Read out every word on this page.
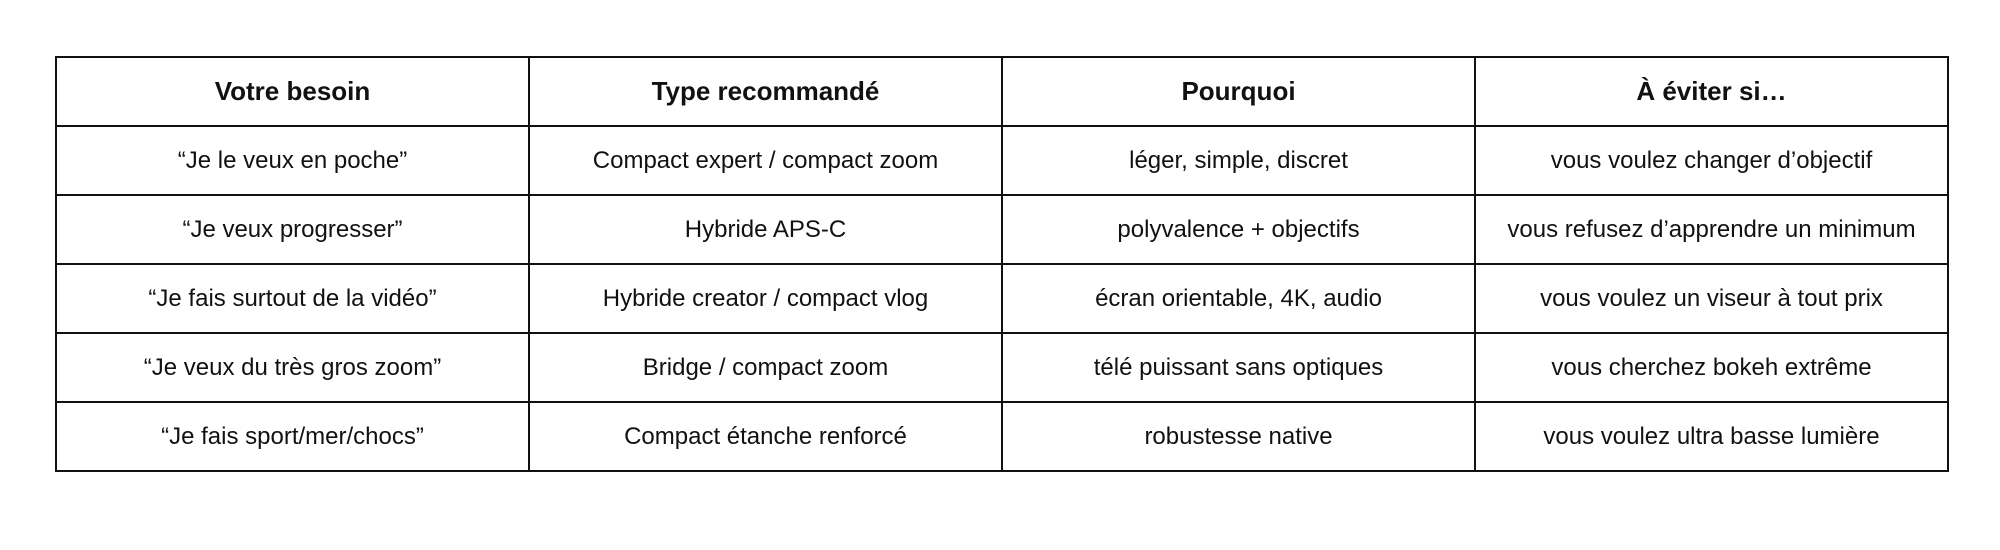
Votre besoin	Type recommandé	Pourquoi	À éviter si…
“Je le veux en poche”	Compact expert / compact zoom	léger, simple, discret	vous voulez changer d’objectif
“Je veux progresser”	Hybride APS-C	polyvalence + objectifs	vous refusez d’apprendre un minimum
“Je fais surtout de la vidéo”	Hybride creator / compact vlog	écran orientable, 4K, audio	vous voulez un viseur à tout prix
“Je veux du très gros zoom”	Bridge / compact zoom	télé puissant sans optiques	vous cherchez bokeh extrême
“Je fais sport/mer/chocs”	Compact étanche renforcé	robustesse native	vous voulez ultra basse lumière
